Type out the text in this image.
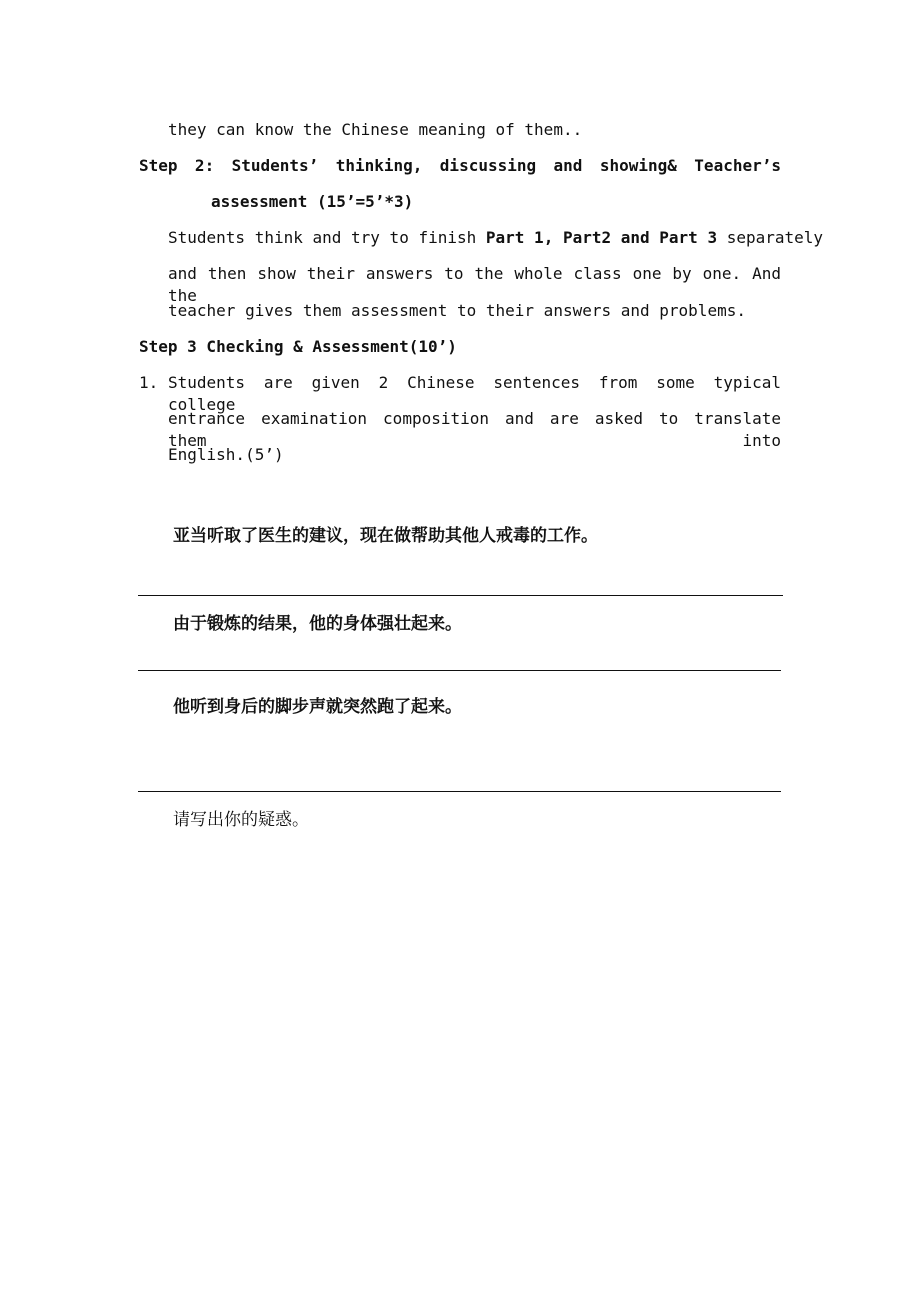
they can know the Chinese meaning of them..
Step 2: Students’ thinking, discussing and showing& Teacher’s
assessment (15’=5’*3)
Students think and try to finish Part 1, Part2 and Part 3 separately
and then show their answers to the whole class one by one. And the
teacher gives them assessment to their answers and problems.
Step 3 Checking & Assessment(10’)
1. Students are given 2 Chinese sentences from some typical college
entrance examination composition and are asked to translate them into
English.(5’)
亚当听取了医生的建议，现在做帮助其他人戒毒的工作。
由于锻炼的结果，他的身体强壮起来。
他听到身后的脚步声就突然跑了起来。
请写出你的疑惑。
